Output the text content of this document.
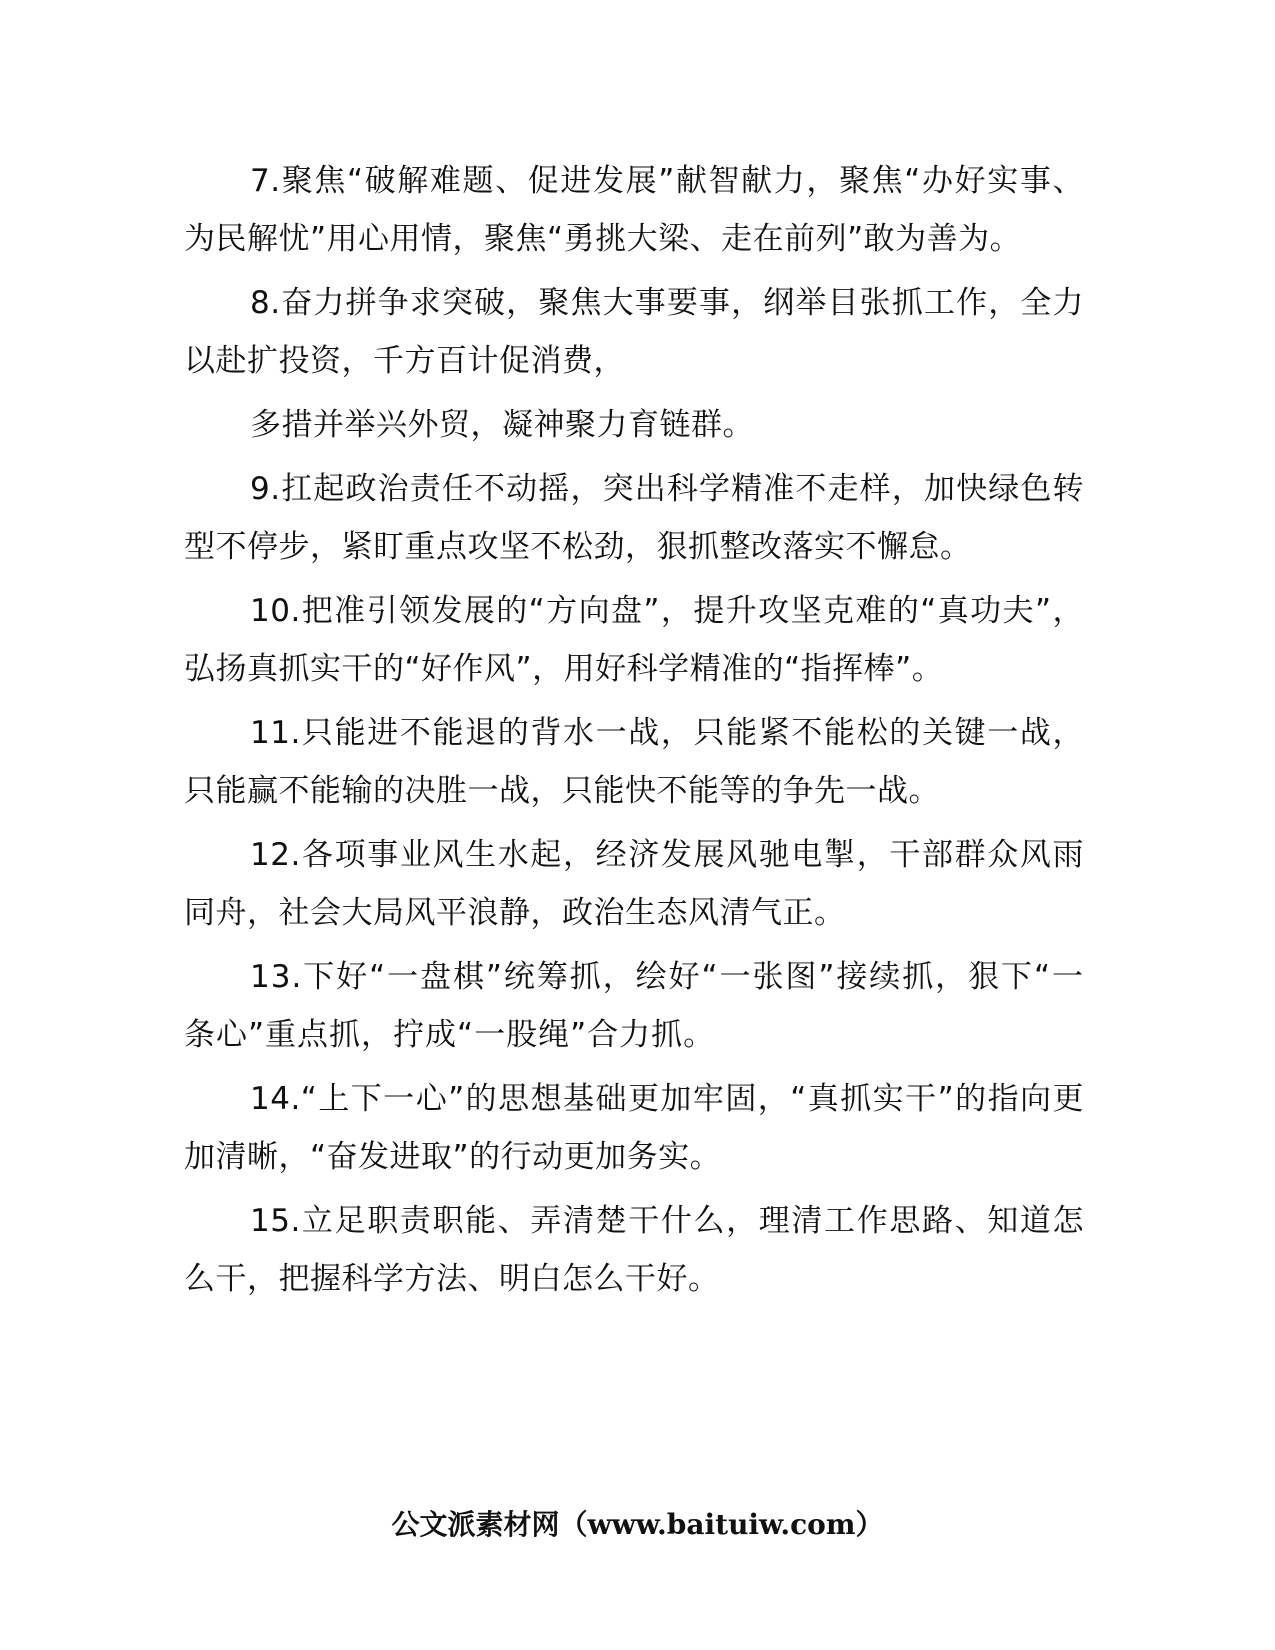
7.聚焦“破解难题、促进发展”献智献力，聚焦“办好实事、为民解忧”用心用情，聚焦“勇挑大梁、走在前列”敢为善为。

8.奋力拼争求突破，聚焦大事要事，纲举目张抓工作，全力以赴扩投资，千方百计促消费，

多措并举兴外贸，凝神聚力育链群。

9.扛起政治责任不动摇，突出科学精准不走样，加快绿色转型不停步，紧盯重点攻坚不松劲，狠抓整改落实不懈怠。

10.把准引领发展的“方向盘”，提升攻坚克难的“真功夫”，弘扬真抓实干的“好作风”，用好科学精准的“指挥棒”。

11.只能进不能退的背水一战，只能紧不能松的关键一战，只能赢不能输的决胜一战，只能快不能等的争先一战。

12.各项事业风生水起，经济发展风驰电掣，干部群众风雨同舟，社会大局风平浪静，政治生态风清气正。

13.下好“一盘棋”统筹抓，绘好“一张图”接续抓，狠下“一条心”重点抓，拧成“一股绳”合力抓。

14.“上下一心”的思想基础更加牢固，“真抓实干”的指向更加清晰，“奋发进取”的行动更加务实。

15.立足职责职能、弄清楚干什么，理清工作思路、知道怎么干，把握科学方法、明白怎么干好。

公文派素材网（www.baituiw.com）
